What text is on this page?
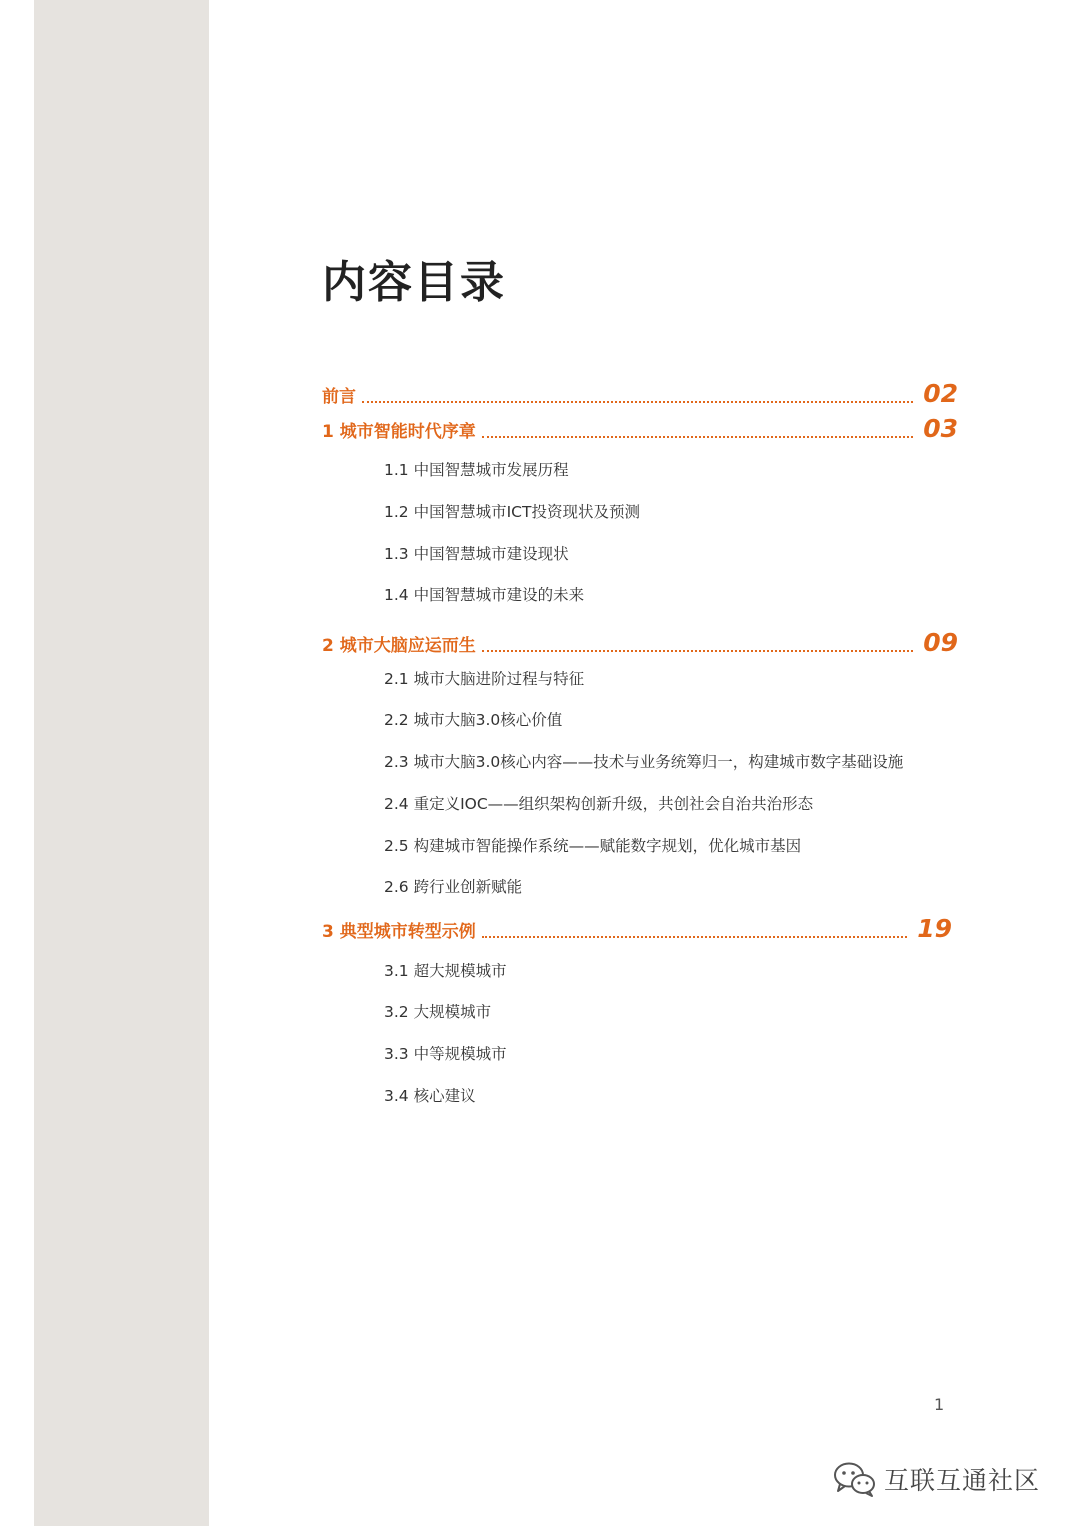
内容目录
前言	02
1 城市智能时代序章	03
1.1 中国智慧城市发展历程
1.2 中国智慧城市ICT投资现状及预测
1.3 中国智慧城市建设现状
1.4 中国智慧城市建设的未来
2 城市大脑应运而生	09
2.1 城市大脑进阶过程与特征
2.2 城市大脑3.0核心价值
2.3 城市大脑3.0核心内容——技术与业务统筹归一，构建城市数字基础设施
2.4 重定义IOC——组织架构创新升级，共创社会自治共治形态
2.5 构建城市智能操作系统——赋能数字规划，优化城市基因
2.6 跨行业创新赋能
3 典型城市转型示例	19
3.1 超大规模城市
3.2 大规模城市
3.3 中等规模城市
3.4 核心建议
1
互联互通社区
